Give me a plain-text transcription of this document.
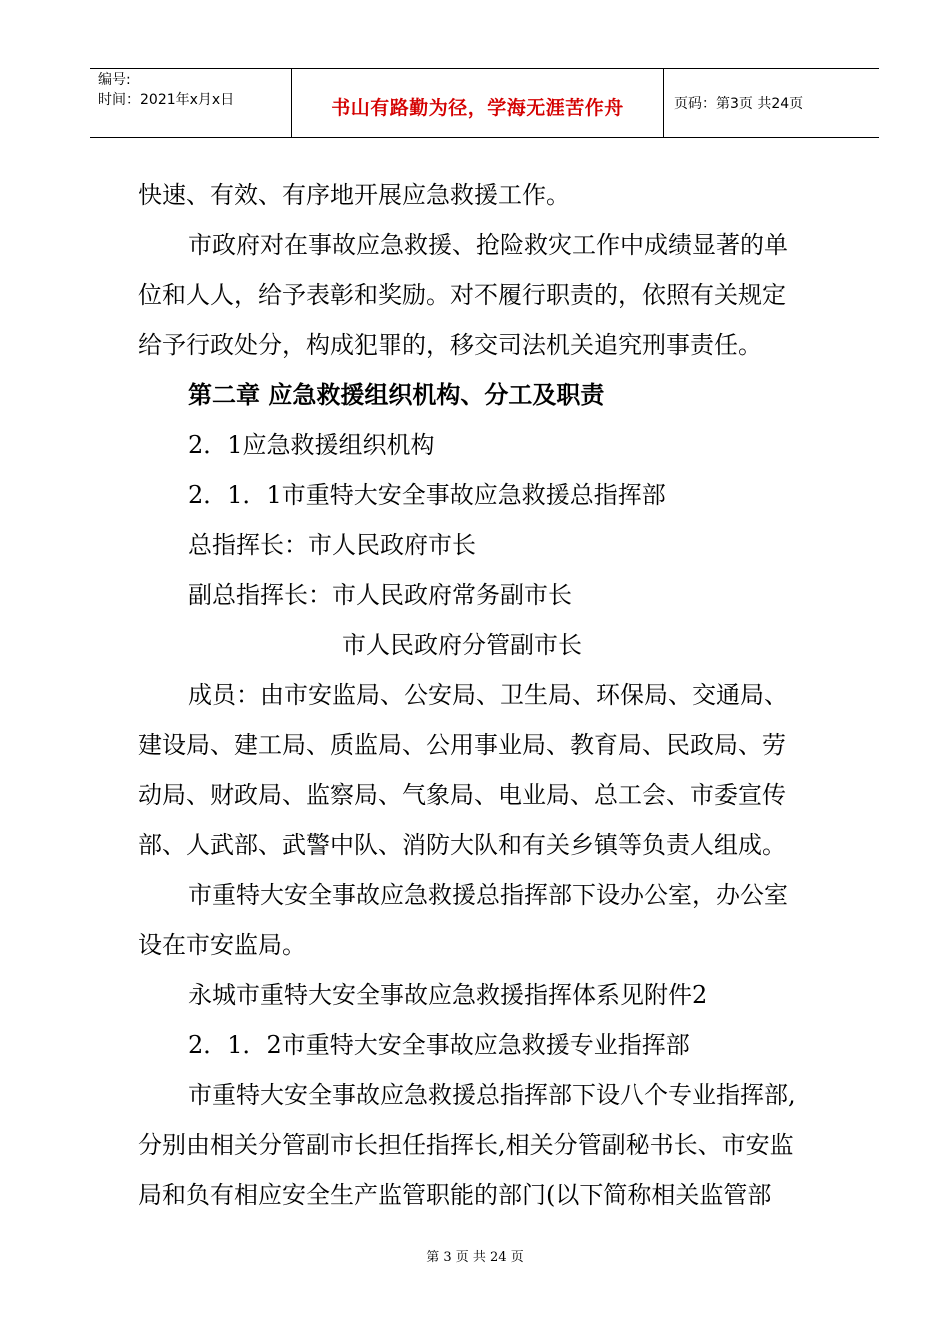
编号:
时间：2021年x月x日	书山有路勤为径，学海无涯苦作舟	页码：第3页 共24页
快速、有效、有序地开展应急救援工作。
市政府对在事故应急救援、抢险救灾工作中成绩显著的单
位和人人，给予表彰和奖励。对不履行职责的，依照有关规定
给予行政处分，构成犯罪的，移交司法机关追究刑事责任。
第二章 应急救援组织机构、分工及职责
2．1应急救援组织机构
2．1．1市重特大安全事故应急救援总指挥部
总指挥长：市人民政府市长
副总指挥长：市人民政府常务副市长
市人民政府分管副市长
成员：由市安监局、公安局、卫生局、环保局、交通局、
建设局、建工局、质监局、公用事业局、教育局、民政局、劳
动局、财政局、监察局、气象局、电业局、总工会、市委宣传
部、人武部、武警中队、消防大队和有关乡镇等负责人组成。
市重特大安全事故应急救援总指挥部下设办公室，办公室
设在市安监局。
永城市重特大安全事故应急救援指挥体系见附件2
2．1．2市重特大安全事故应急救援专业指挥部
市重特大安全事故应急救援总指挥部下设八个专业指挥部,
分别由相关分管副市长担任指挥长,相关分管副秘书长、市安监
局和负有相应安全生产监管职能的部门(以下简称相关监管部
第 3 页 共 24 页
